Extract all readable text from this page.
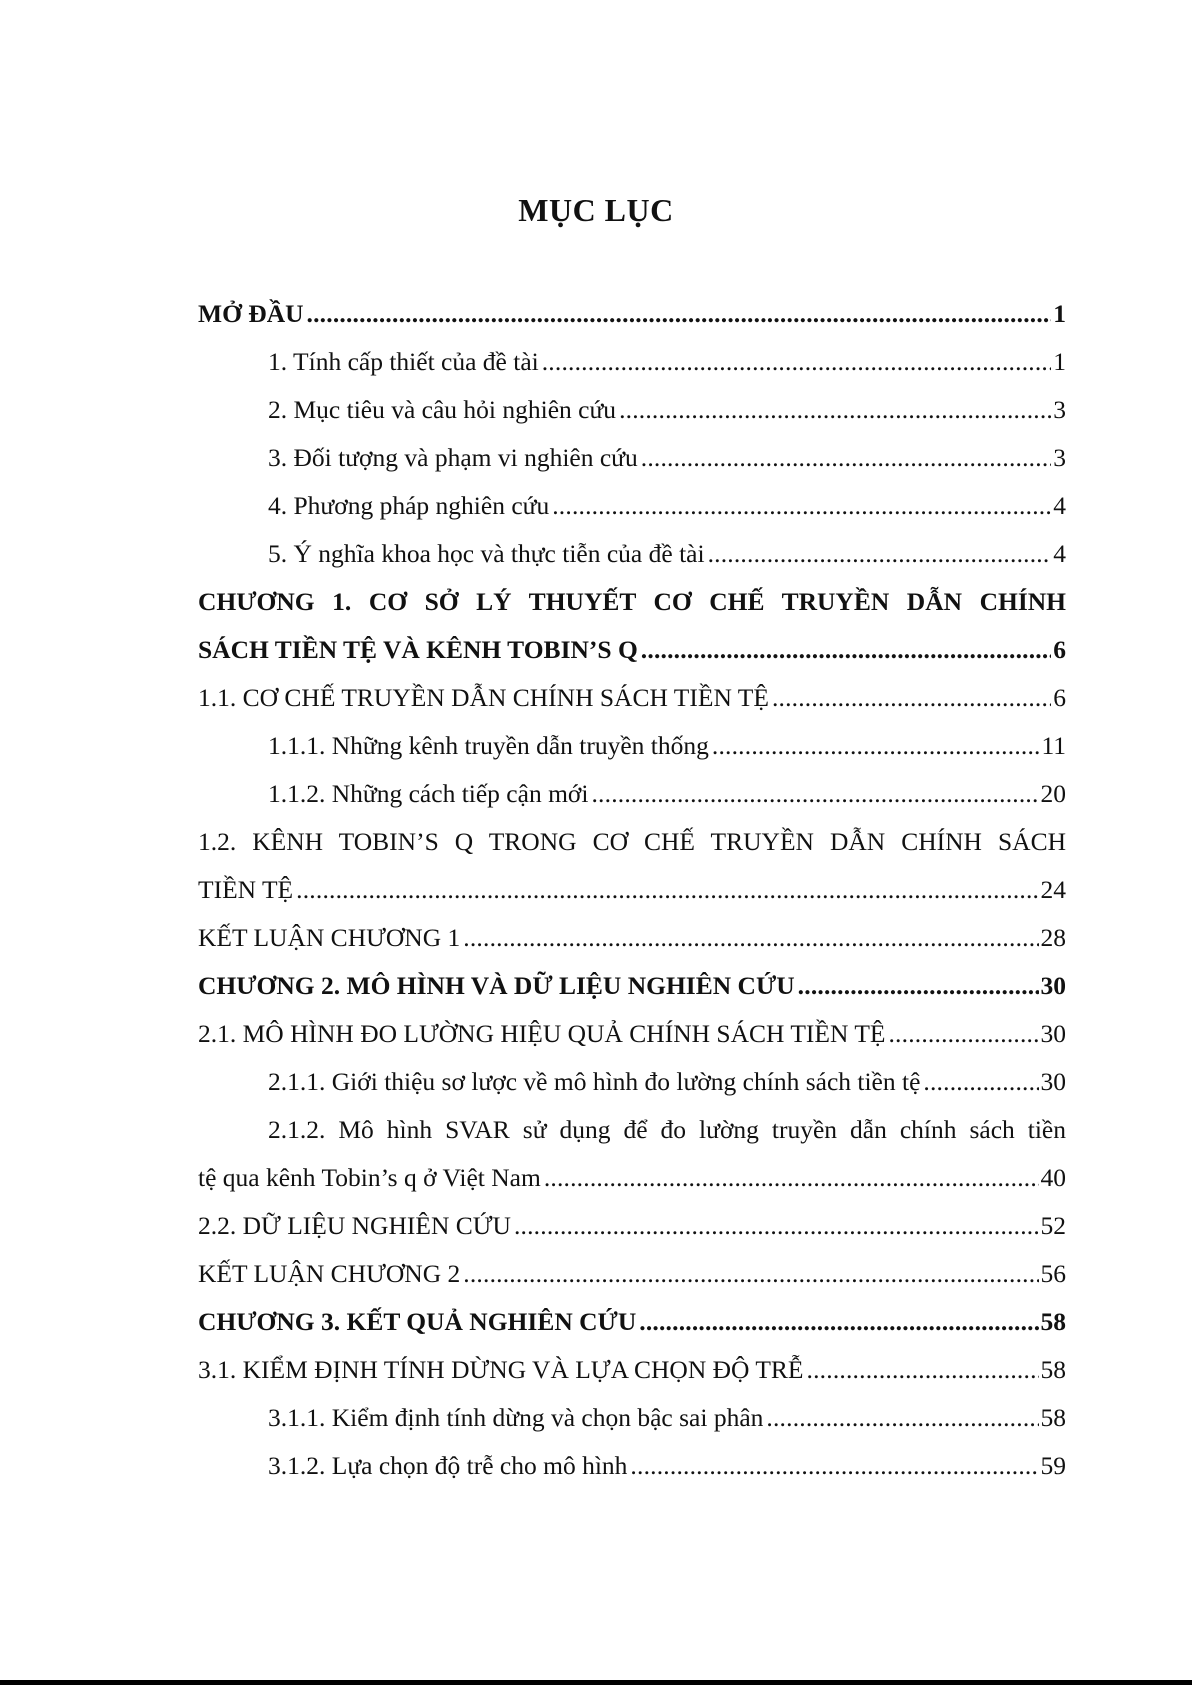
MỤC LỤC
MỞ ĐẦU .....	1
1. Tính cấp thiết của đề tài .....	1
2. Mục tiêu và câu hỏi nghiên cứu .....	3
3. Đối tượng và phạm vi nghiên cứu .....	3
4. Phương pháp nghiên cứu .....	4
5. Ý nghĩa khoa học và thực tiễn của đề tài .....	4
CHƯƠNG 1. CƠ SỞ LÝ THUYẾT CƠ CHẾ TRUYỀN DẪN CHÍNH
SÁCH TIỀN TỆ VÀ KÊNH TOBIN’S Q .....	6
1.1. CƠ CHẾ TRUYỀN DẪN CHÍNH SÁCH TIỀN TỆ .....	6
1.1.1. Những kênh truyền dẫn truyền thống .....	11
1.1.2. Những cách tiếp cận mới .....	20
1.2. KÊNH TOBIN’S Q TRONG CƠ CHẾ TRUYỀN DẪN CHÍNH SÁCH
TIỀN TỆ .....	24
KẾT LUẬN CHƯƠNG 1 .....	28
CHƯƠNG 2. MÔ HÌNH VÀ DỮ LIỆU NGHIÊN CỨU .....	30
2.1. MÔ HÌNH ĐO LƯỜNG HIỆU QUẢ CHÍNH SÁCH TIỀN TỆ .....	30
2.1.1. Giới thiệu sơ lược về mô hình đo lường chính sách tiền tệ .....	30
2.1.2. Mô hình SVAR sử dụng để đo lường truyền dẫn chính sách tiền
tệ qua kênh Tobin’s q ở Việt Nam .....	40
2.2. DỮ LIỆU NGHIÊN CỨU .....	52
KẾT LUẬN CHƯƠNG 2 .....	56
CHƯƠNG 3. KẾT QUẢ NGHIÊN CỨU .....	58
3.1. KIỂM ĐỊNH TÍNH DỪNG VÀ LỰA CHỌN ĐỘ TRỄ .....	58
3.1.1. Kiểm định tính dừng và chọn bậc sai phân .....	58
3.1.2. Lựa chọn độ trễ cho mô hình .....	59
